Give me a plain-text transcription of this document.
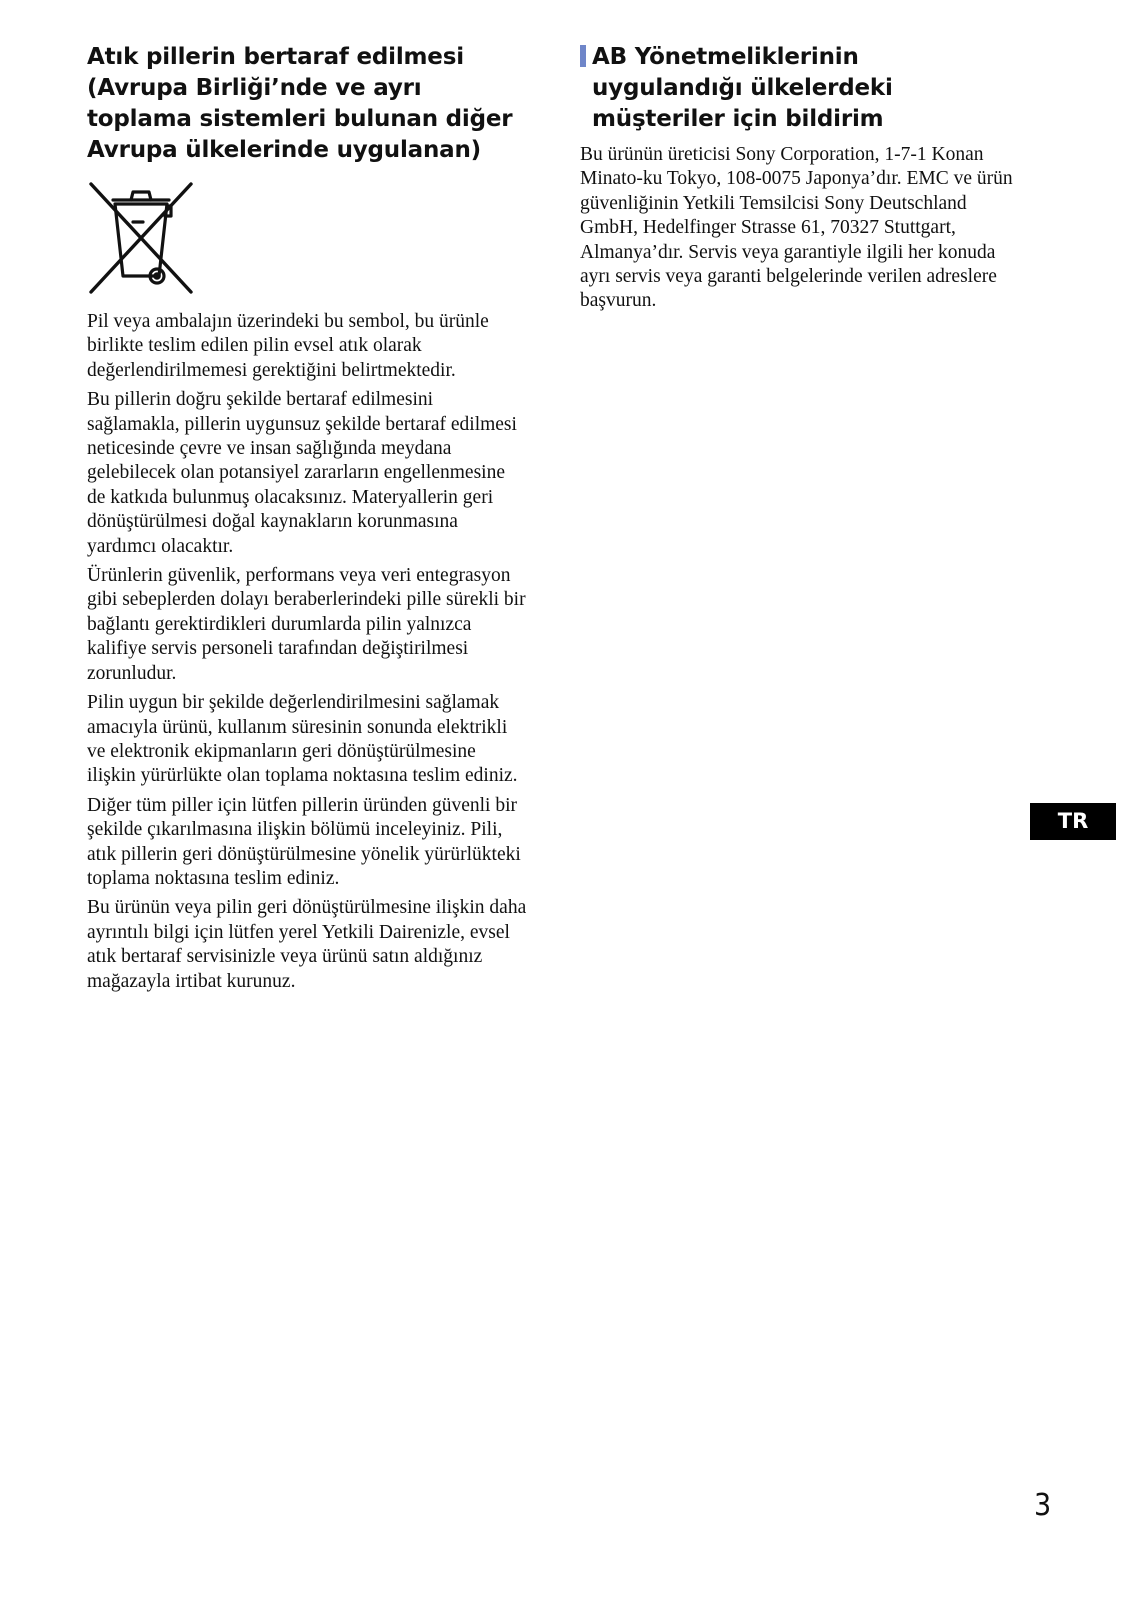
Atık pillerin bertaraf edilmesi (Avrupa Birliği’nde ve ayrı toplama sistemleri bulunan diğer Avrupa ülkelerinde uygulanan)

Pil veya ambalajın üzerindeki bu sembol, bu ürünle birlikte teslim edilen pilin evsel atık olarak değerlendirilmemesi gerektiğini belirtmektedir.

Bu pillerin doğru şekilde bertaraf edilmesini sağlamakla, pillerin uygunsuz şekilde bertaraf edilmesi neticesinde çevre ve insan sağlığında meydana gelebilecek olan potansiyel zararların engellenmesine de katkıda bulunmuş olacaksınız. Materyallerin geri dönüştürülmesi doğal kaynakların korunmasına yardımcı olacaktır.

Ürünlerin güvenlik, performans veya veri entegrasyon gibi sebeplerden dolayı beraberlerindeki pille sürekli bir bağlantı gerektirdikleri durumlarda pilin yalnızca kalifiye servis personeli tarafından değiştirilmesi zorunludur.

Pilin uygun bir şekilde değerlendirilmesini sağlamak amacıyla ürünü, kullanım süresinin sonunda elektrikli ve elektronik ekipmanların geri dönüştürülmesine ilişkin yürürlükte olan toplama noktasına teslim ediniz.

Diğer tüm piller için lütfen pillerin üründen güvenli bir şekilde çıkarılmasına ilişkin bölümü inceleyiniz. Pili, atık pillerin geri dönüştürülmesine yönelik yürürlükteki toplama noktasına teslim ediniz.

Bu ürünün veya pilin geri dönüştürülmesine ilişkin daha ayrıntılı bilgi için lütfen yerel Yetkili Dairenizle, evsel atık bertaraf servisinizle veya ürünü satın aldığınız mağazayla irtibat kurunuz.

AB Yönetmeliklerinin
uygulandığı ülkelerdeki
müşteriler için bildirim

Bu ürünün üreticisi Sony Corporation, 1-7-1 Konan Minato-ku Tokyo, 108-0075 Japonya’dır. EMC ve ürün güvenliğinin Yetkili Temsilcisi Sony Deutschland GmbH, Hedelfinger Strasse 61, 70327 Stuttgart, Almanya’dır. Servis veya garantiyle ilgili her konuda ayrı servis veya garanti belgelerinde verilen adreslere başvurun.

TR
3
